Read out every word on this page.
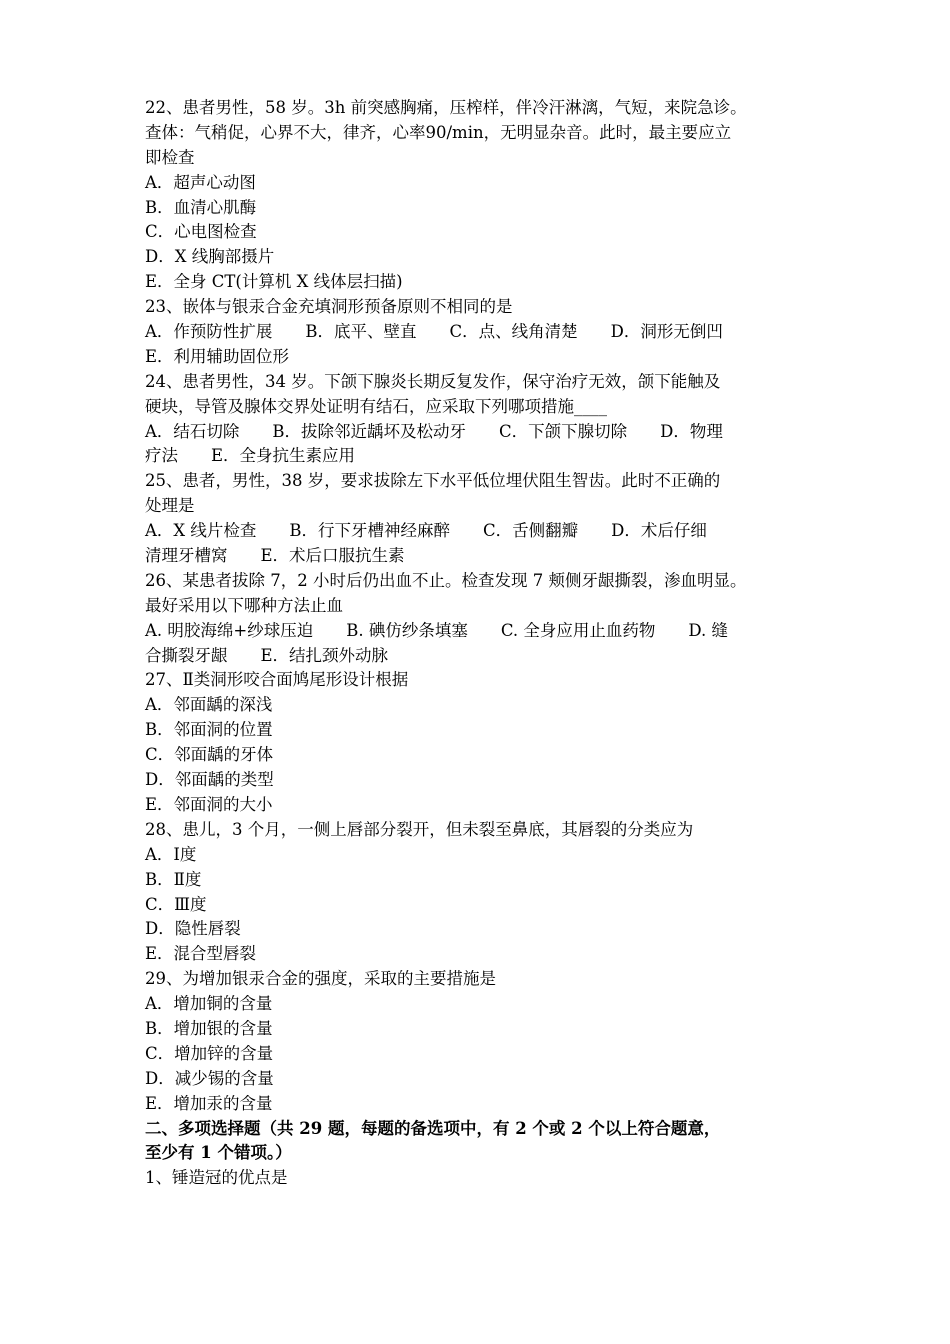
22、患者男性，58 岁。3h 前突感胸痛，压榨样，伴冷汗淋漓，气短，来院急诊。
查体：气稍促，心界不大，律齐，心率90/min，无明显杂音。此时，最主要应立
即检查
A．超声心动图
B．血清心肌酶
C．心电图检查
D．X 线胸部摄片
E．全身 CT(计算机 X 线体层扫描)
23、嵌体与银汞合金充填洞形预备原则不相同的是
A．作预防性扩展　　B．底平、壁直　　C．点、线角清楚　　D．洞形无倒凹
E．利用辅助固位形
24、患者男性，34 岁。下颌下腺炎长期反复发作，保守治疗无效，颌下能触及
硬块，导管及腺体交界处证明有结石，应采取下列哪项措施____
A．结石切除　　B．拔除邻近龋坏及松动牙　　C．下颌下腺切除　　D．物理
疗法　　E．全身抗生素应用
25、患者，男性，38 岁，要求拔除左下水平低位埋伏阻生智齿。此时不正确的
处理是
A．X 线片检查　　B．行下牙槽神经麻醉　　C．舌侧翻瓣　　D．术后仔细
清理牙槽窝　　E．术后口服抗生素
26、某患者拔除 7，2 小时后仍出血不止。检查发现 7 颊侧牙龈撕裂，渗血明显。
最好采用以下哪种方法止血
A. 明胶海绵+纱球压迫　　B. 碘仿纱条填塞　　C. 全身应用止血药物　　D. 缝
合撕裂牙龈　　E．结扎颈外动脉
27、Ⅱ类洞形咬合面鸠尾形设计根据
A．邻面龋的深浅
B．邻面洞的位置
C．邻面龋的牙体
D．邻面龋的类型
E．邻面洞的大小
28、患儿，3 个月，一侧上唇部分裂开，但未裂至鼻底，其唇裂的分类应为
A．Ⅰ度
B．Ⅱ度
C．Ⅲ度
D．隐性唇裂
E．混合型唇裂
29、为增加银汞合金的强度，采取的主要措施是
A．增加铜的含量
B．增加银的含量
C．增加锌的含量
D．减少锡的含量
E．增加汞的含量
二、多项选择题（共 29 题，每题的备选项中，有 2 个或 2 个以上符合题意，
至少有 1 个错项。）
1、锤造冠的优点是
